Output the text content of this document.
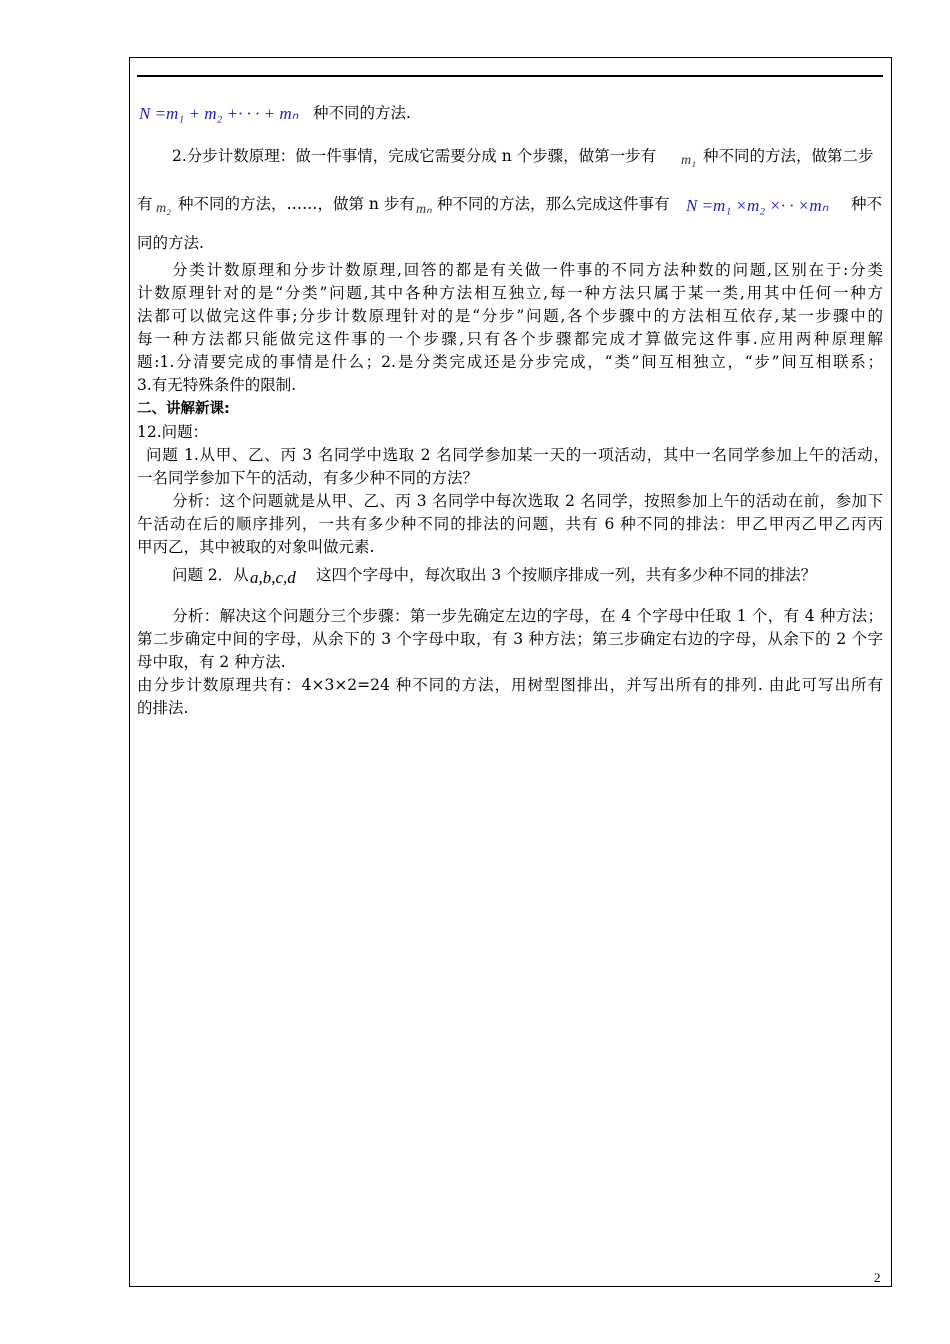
N =m₁ + m₂ +· · · + mₙ 种不同的方法.
2.分步计数原理：做一件事情，完成它需要分成 n 个步骤，做第一步有 m₁ 种不同的方法，做第二步
有 m₂ 种不同的方法，……，做第 n 步有 mₙ 种不同的方法，那么完成这件事有 N =m₁ ×m₂ ×· · ×mₙ 种不
同的方法.
分类计数原理和分步计数原理,回答的都是有关做一件事的不同方法种数的问题,区别在于:分类
计数原理针对的是“分类”问题,其中各种方法相互独立,每一种方法只属于某一类,用其中任何一种方
法都可以做完这件事;分步计数原理针对的是“分步”问题,各个步骤中的方法相互依存,某一步骤中的
每一种方法都只能做完这件事的一个步骤,只有各个步骤都完成才算做完这件事.应用两种原理解
题:1.分清要完成的事情是什么；2.是分类完成还是分步完成，“类”间互相独立，“步”间互相联系；
3.有无特殊条件的限制.
二、讲解新课:
12.问题：
问题 1.从甲、乙、丙 3 名同学中选取 2 名同学参加某一天的一项活动，其中一名同学参加上午的活动，
一名同学参加下午的活动，有多少种不同的方法？
分析：这个问题就是从甲、乙、丙 3 名同学中每次选取 2 名同学，按照参加上午的活动在前，参加下
午活动在后的顺序排列，一共有多少种不同的排法的问题，共有 6 种不同的排法：甲乙甲丙乙甲乙丙丙
甲丙乙，其中被取的对象叫做元素.
问题 2．从 a,b,c,d 这四个字母中，每次取出 3 个按顺序排成一列，共有多少种不同的排法？
分析：解决这个问题分三个步骤：第一步先确定左边的字母，在 4 个字母中任取 1 个，有 4 种方法；
第二步确定中间的字母，从余下的 3 个字母中取，有 3 种方法；第三步确定右边的字母，从余下的 2 个字
母中取，有 2 种方法.
由分步计数原理共有：4×3×2=24 种不同的方法，用树型图排出，并写出所有的排列. 由此可写出所有
的排法.
2
